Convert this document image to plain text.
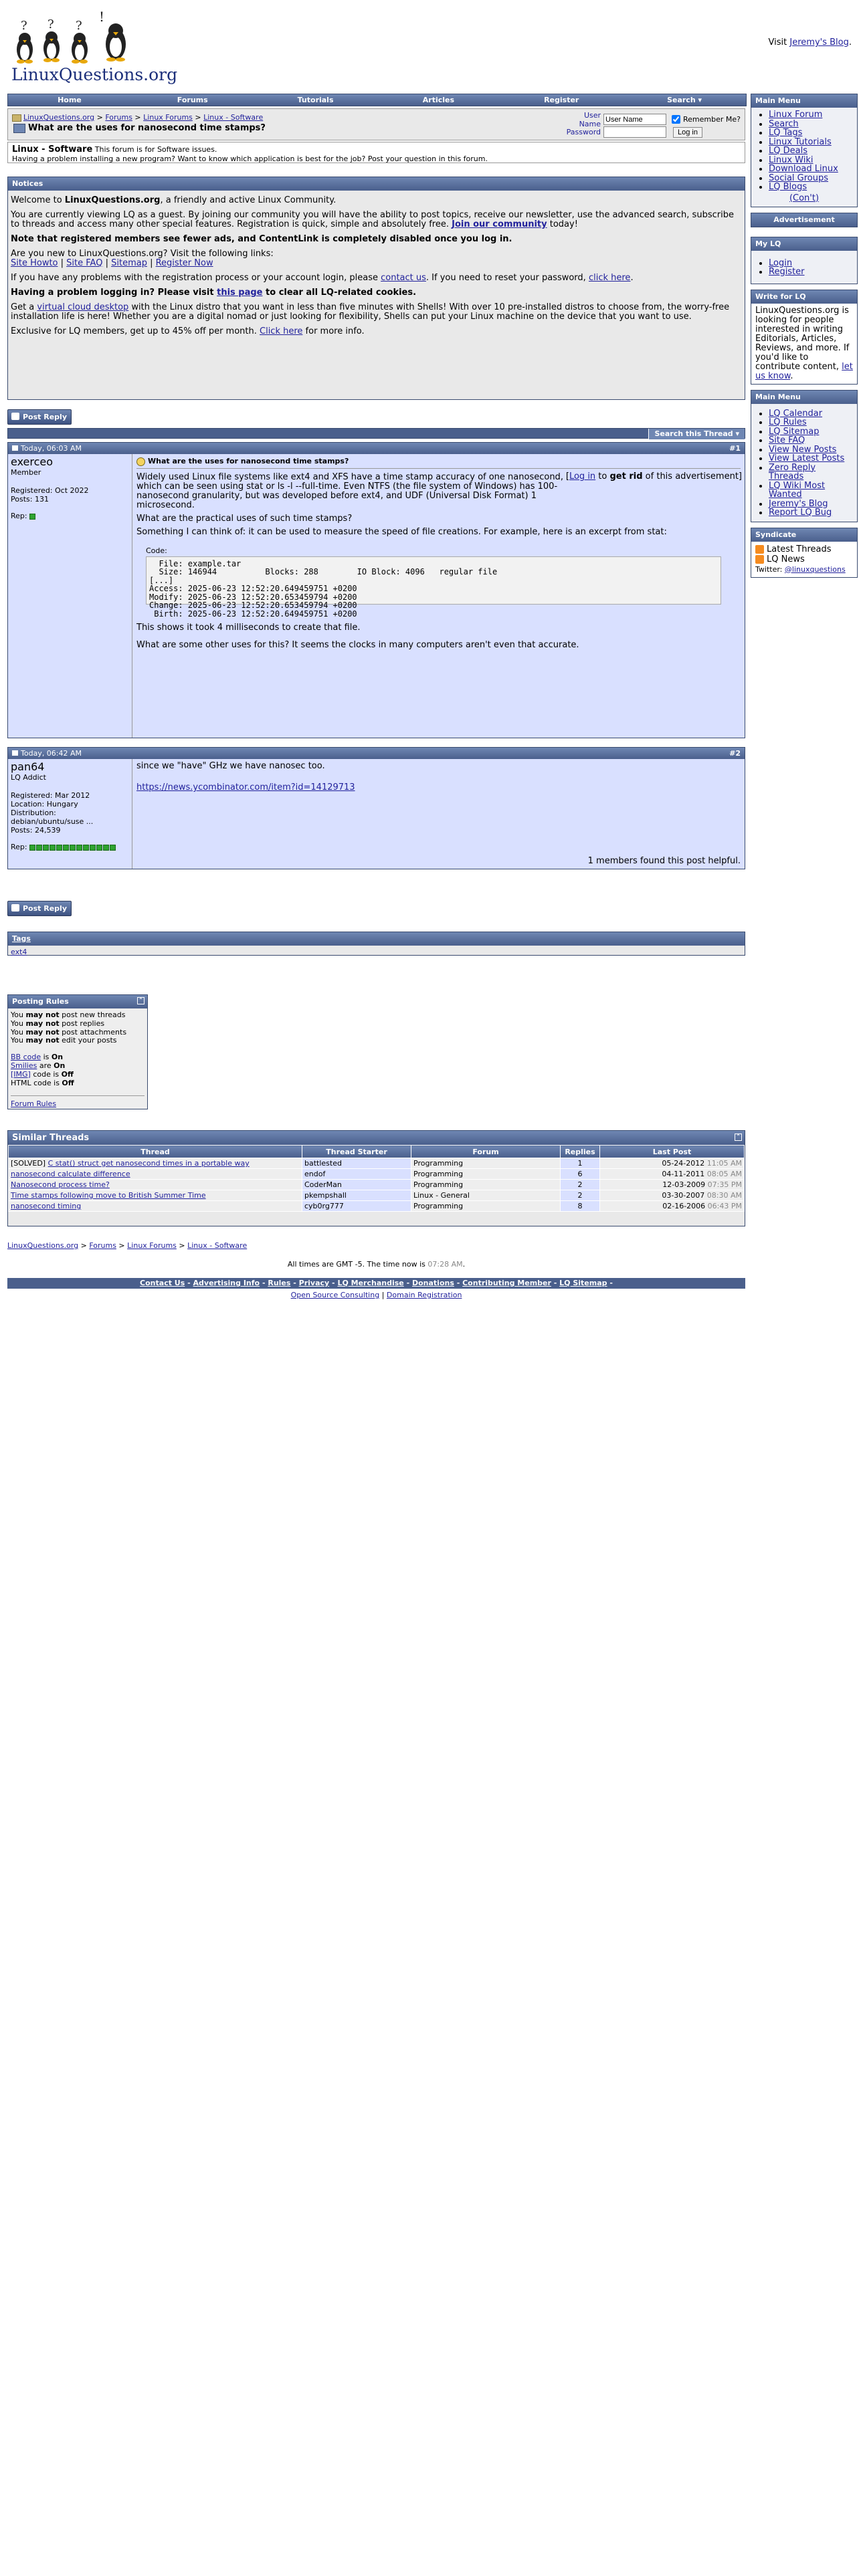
? ? ?
!
LinuxQuestions.org
Visit Jeremy's Blog.
Home	Forums	Tutorials	Articles	Register	Search ▾
LinuxQuestions.org > Forums > Linux Forums > Linux - Software
What are the uses for nanosecond time stamps?
User Name
User Name	Remember Me?
Password	Log in
Linux - Software This forum is for Software issues.
Having a problem installing a new program? Want to know which application is best for the job? Post your question in this forum.
Notices

Welcome to LinuxQuestions.org, a friendly and active Linux Community.

You are currently viewing LQ as a guest. By joining our community you will have the ability to post topics, receive our newsletter, use the advanced search, subscribe to threads and access many other special features. Registration is quick, simple and absolutely free. Join our community today!

Note that registered members see fewer ads, and ContentLink is completely disabled once you log in.

Are you new to LinuxQuestions.org? Visit the following links:
Site Howto | Site FAQ | Sitemap | Register Now

If you have any problems with the registration process or your account login, please contact us. If you need to reset your password, click here.

Having a problem logging in? Please visit this page to clear all LQ-related cookies.

Get a virtual cloud desktop with the Linux distro that you want in less than five minutes with Shells! With over 10 pre-installed distros to choose from, the worry-free installation life is here! Whether you are a digital nomad or just looking for flexibility, Shells can put your Linux machine on the device that you want to use.

Exclusive for LQ members, get up to 45% off per month. Click here for more info.

Post Reply
Search this Thread ▾
Today, 06:03 AM	#1
exerceo
Member
Registered: Oct 2022
Posts: 131
Rep:
What are the uses for nanosecond time stamps?
[Log in to get rid of this advertisement]

Widely used Linux file systems like ext4 and XFS have a time stamp accuracy of one nanosecond, which can be seen using stat or ls -l --full-time. Even NTFS (the file system of Windows) has 100-nanosecond granularity, but was developed before ext4, and UDF (Universal Disk Format) 1 microsecond.

What are the practical uses of such time stamps?

Something I can think of: it can be used to measure the speed of file creations. For example, here is an excerpt from stat:

Code:
File: example.tar
Size: 146944          Blocks: 288        IO Block: 4096   regular file
[...]
Access: 2025-06-23 12:52:20.649459751 +0200
Modify: 2025-06-23 12:52:20.653459794 +0200
Change: 2025-06-23 12:52:20.653459794 +0200
Birth: 2025-06-23 12:52:20.649459751 +0200

This shows it took 4 milliseconds to create that file.

What are some other uses for this? It seems the clocks in many computers aren't even that accurate.

Today, 06:42 AM	#2
pan64
LQ Addict
Registered: Mar 2012
Location: Hungary
Distribution: debian/ubuntu/suse ...
Posts: 24,539
Rep:

since we "have" GHz we have nanosec too.

https://news.ycombinator.com/item?id=14129713

1 members found this post helpful.
Post Reply
Tags
ext4
Posting Rules	⌃
You may not post new threads
You may not post replies
You may not post attachments
You may not edit your posts
BB code is On
Smilies are On
[IMG] code is Off
HTML code is Off
Forum Rules
Similar Threads	⌃
Thread	Thread Starter	Forum	Replies	Last Post
[SOLVED] C stat() struct get nanosecond times in a portable way	battlested	Programming	1	05-24-2012 11:05 AM
nanosecond calculate difference	endof	Programming	6	04-11-2011 08:05 AM
Nanosecond process time?	CoderMan	Programming	2	12-03-2009 07:35 PM
Time stamps following move to British Summer Time	pkempshall	Linux - General	2	03-30-2007 08:30 AM
nanosecond timing	cyb0rg777	Programming	8	02-16-2006 06:43 PM
LinuxQuestions.org > Forums > Linux Forums > Linux - Software
All times are GMT -5. The time now is 07:28 AM.
Contact Us - Advertising Info - Rules - Privacy - LQ Merchandise - Donations - Contributing Member - LQ Sitemap -
Open Source Consulting | Domain Registration
Main Menu
• Linux Forum
• Search
• LQ Tags
• Linux Tutorials
• LQ Deals
• Linux Wiki
• Download Linux
• Social Groups
• LQ Blogs
(Con't)
Advertisement
My LQ
• Login
• Register
Write for LQ
LinuxQuestions.org is looking for people interested in writing Editorials, Articles, Reviews, and more. If you'd like to contribute content, let us know.
Main Menu
• LQ Calendar
• LQ Rules
• LQ Sitemap
• Site FAQ
• View New Posts
• View Latest Posts
• Zero Reply Threads
• LQ Wiki Most Wanted
• Jeremy's Blog
• Report LQ Bug
Syndicate
Latest Threads
LQ News
Twitter: @linuxquestions
